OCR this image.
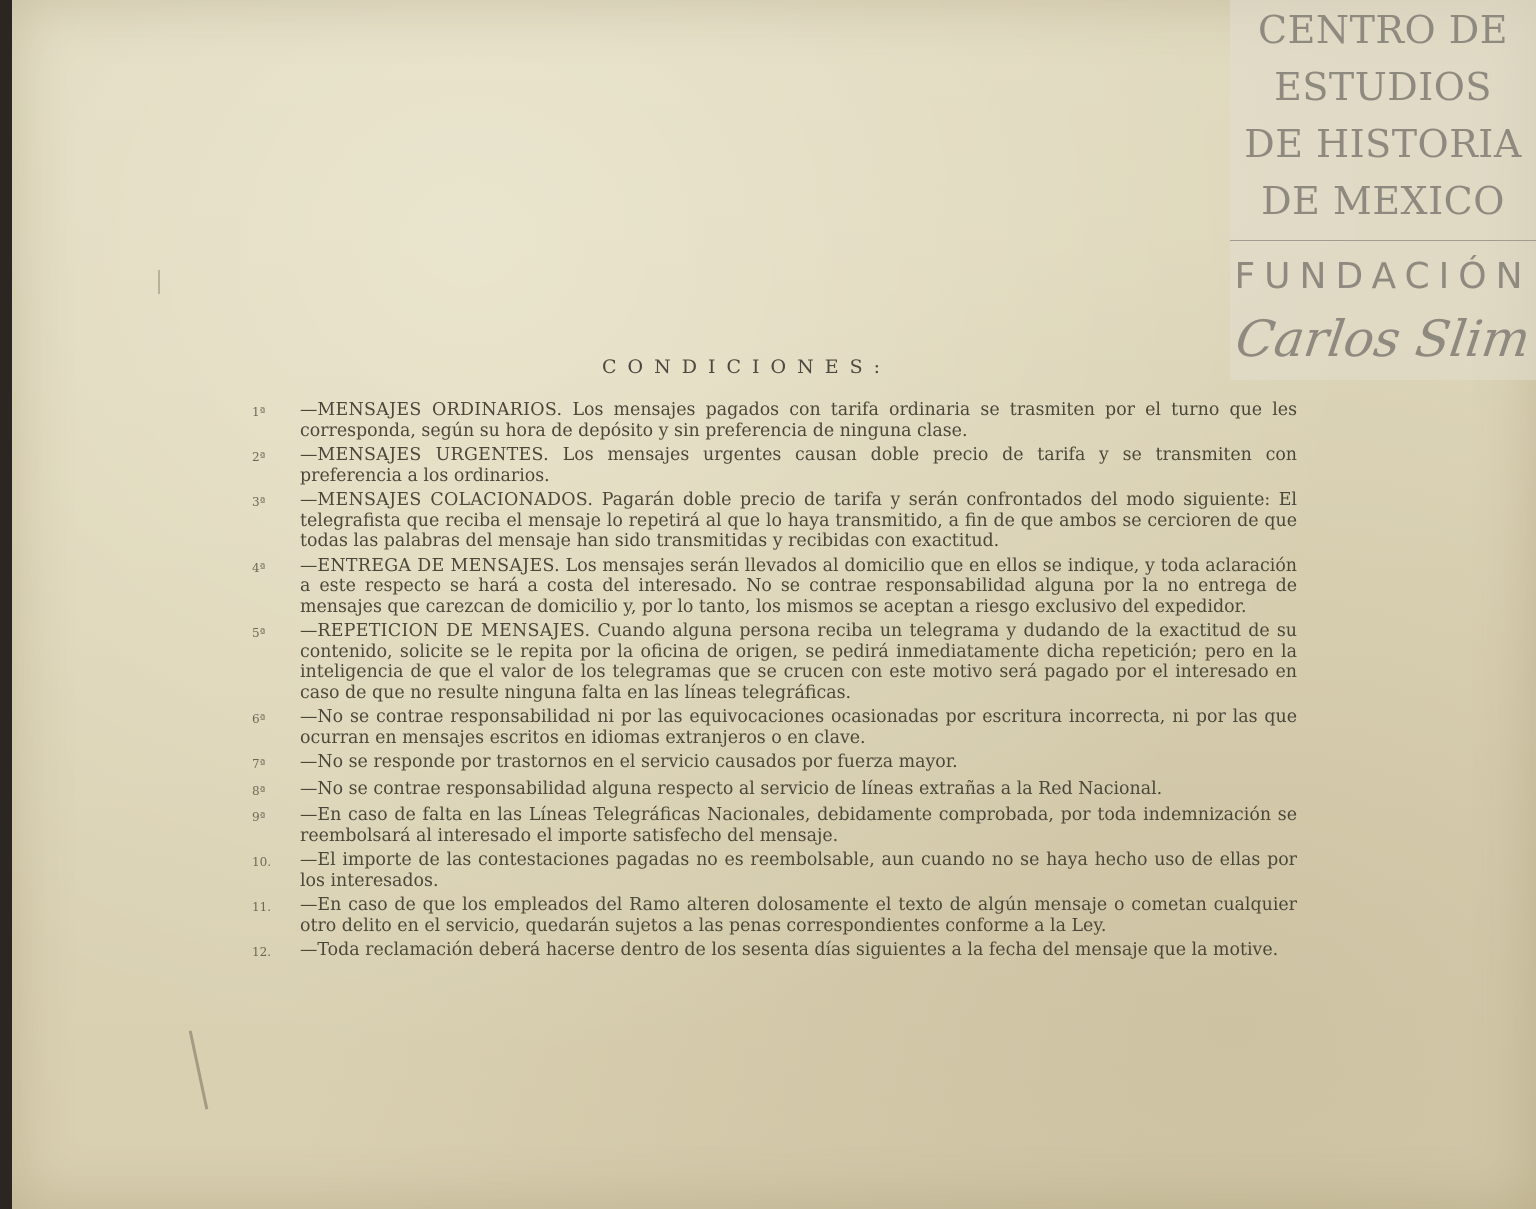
CENTRO DE
ESTUDIOS
DE HISTORIA
DE MEXICO
FUNDACIÓN
Carlos Slim
CONDICIONES:
1ª	—MENSAJES ORDINARIOS. Los mensajes pagados con tarifa ordinaria se trasmiten por el turno que les corresponda, según su hora de depósito y sin preferencia de ninguna clase.
2ª	—MENSAJES URGENTES. Los mensajes urgentes causan doble precio de tarifa y se transmiten con preferencia a los ordinarios.
3ª	—MENSAJES COLACIONADOS. Pagarán doble precio de tarifa y serán confrontados del modo siguiente: El telegrafista que reciba el mensaje lo repetirá al que lo haya transmitido, a fin de que ambos se cercioren de que todas las palabras del mensaje han sido transmitidas y recibidas con exactitud.
4ª	—ENTREGA DE MENSAJES. Los mensajes serán llevados al domicilio que en ellos se indique, y toda aclaración a este respecto se hará a costa del interesado. No se contrae responsabilidad alguna por la no entrega de mensajes que carezcan de domicilio y, por lo tanto, los mismos se aceptan a riesgo exclusivo del expedidor.
5ª	—REPETICION DE MENSAJES. Cuando alguna persona reciba un telegrama y dudando de la exactitud de su contenido, solicite se le repita por la oficina de origen, se pedirá inmediatamente dicha repetición; pero en la inteligencia de que el valor de los telegramas que se crucen con este motivo será pagado por el interesado en caso de que no resulte ninguna falta en las líneas telegráficas.
6ª	—No se contrae responsabilidad ni por las equivocaciones ocasionadas por escritura incorrecta, ni por las que ocurran en mensajes escritos en idiomas extranjeros o en clave.
7ª	—No se responde por trastornos en el servicio causados por fuerza mayor.
8ª	—No se contrae responsabilidad alguna respecto al servicio de líneas extrañas a la Red Nacional.
9ª	—En caso de falta en las Líneas Telegráficas Nacionales, debidamente comprobada, por toda indemnización se reembolsará al interesado el importe satisfecho del mensaje.
10.	—El importe de las contestaciones pagadas no es reembolsable, aun cuando no se haya hecho uso de ellas por los interesados.
11.	—En caso de que los empleados del Ramo alteren dolosamente el texto de algún mensaje o cometan cualquier otro delito en el servicio, quedarán sujetos a las penas correspondientes conforme a la Ley.
12.	—Toda reclamación deberá hacerse dentro de los sesenta días siguientes a la fecha del mensaje que la motive.
